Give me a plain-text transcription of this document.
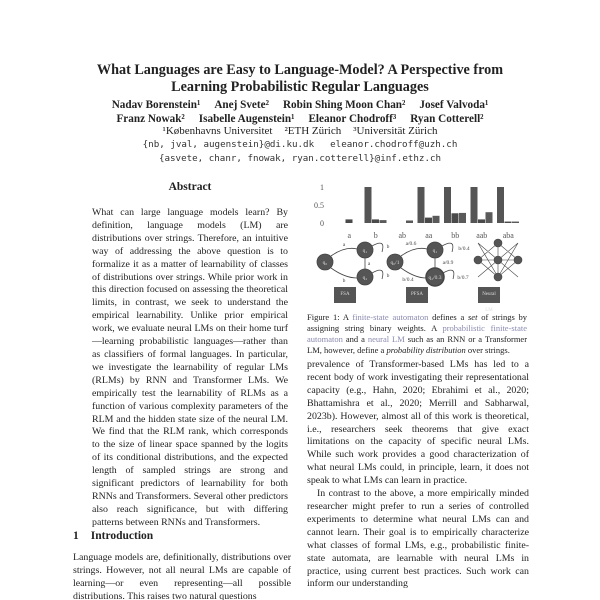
What Languages are Easy to Language-Model? A Perspective from
Learning Probabilistic Regular Languages
Nadav Borenstein¹ Anej Svete² Robin Shing Moon Chan² Josef Valvoda¹
Franz Nowak² Isabelle Augenstein¹ Eleanor Chodroff³ Ryan Cotterell²
¹Københavns Universitet ²ETH Zürich ³Universität Zürich
{nb, jval, augenstein}@di.ku.dk eleanor.chodroff@uzh.ch
{asvete, chanr, fnowak, ryan.cotterell}@inf.ethz.ch
Abstract
What can large language models learn? By definition, language models (LM) are distributions over strings. Therefore, an intuitive way of addressing the above question is to formalize it as a matter of learnability of classes of distributions over strings. While prior work in this direction focused on assessing the theoretical limits, in contrast, we seek to understand the empirical learnability. Unlike prior empirical work, we evaluate neural LMs on their home turf—learning probabilistic languages—rather than as classifiers of formal languages. In particular, we investigate the learnability of regular LMs (RLMs) by RNN and Transformer LMs. We empirically test the learnability of RLMs as a function of various complexity parameters of the RLM and the hidden state size of the neural LM. We find that the RLM rank, which corresponds to the size of linear space spanned by the logits of its conditional distributions, and the expected length of sampled strings are strong and significant predictors of learnability for both RNNs and Transformers. Several other predictors also reach significance, but with differing patterns between RNNs and Transformers.
1 Introduction
Language models are, definitionally, distributions over strings. However, not all neural LMs are capable of learning—or even representing—all possible distributions. This raises two natural questions
1
0.5
0
a	b	ab aa bb aab aba
q₀
q₁
q₂
a	b
a
b
b
q₀/1
q₁
q₂/0.3
a/0.6
b/0.4
a/0.9
b/0.7
b/0.4
FSA	PFSA	Neural LM
Figure 1: A finite-state automaton defines a set of strings by assigning string binary weights. A probabilistic finite-state automaton and a neural LM such as an RNN or a Transformer LM, however, define a probability distribution over strings.

prevalence of Transformer-based LMs has led to a recent body of work investigating their representational capacity (e.g., Hahn, 2020; Ebrahimi et al., 2020; Bhattamishra et al., 2020; Merrill and Sabharwal, 2023b). However, almost all of this work is theoretical, i.e., researchers seek theorems that give exact limitations on the capacity of specific neural LMs. While such work provides a good characterization of what neural LMs could, in principle, learn, it does not speak to what LMs can learn in practice.

In contrast to the above, a more empirically minded researcher might prefer to run a series of controlled experiments to determine what neural LMs can and cannot learn. Their goal is to empirically characterize what classes of formal LMs, e.g., probabilistic finite-state automata, are learnable with neural LMs in practice, using current best practices. Such work can inform our understanding
